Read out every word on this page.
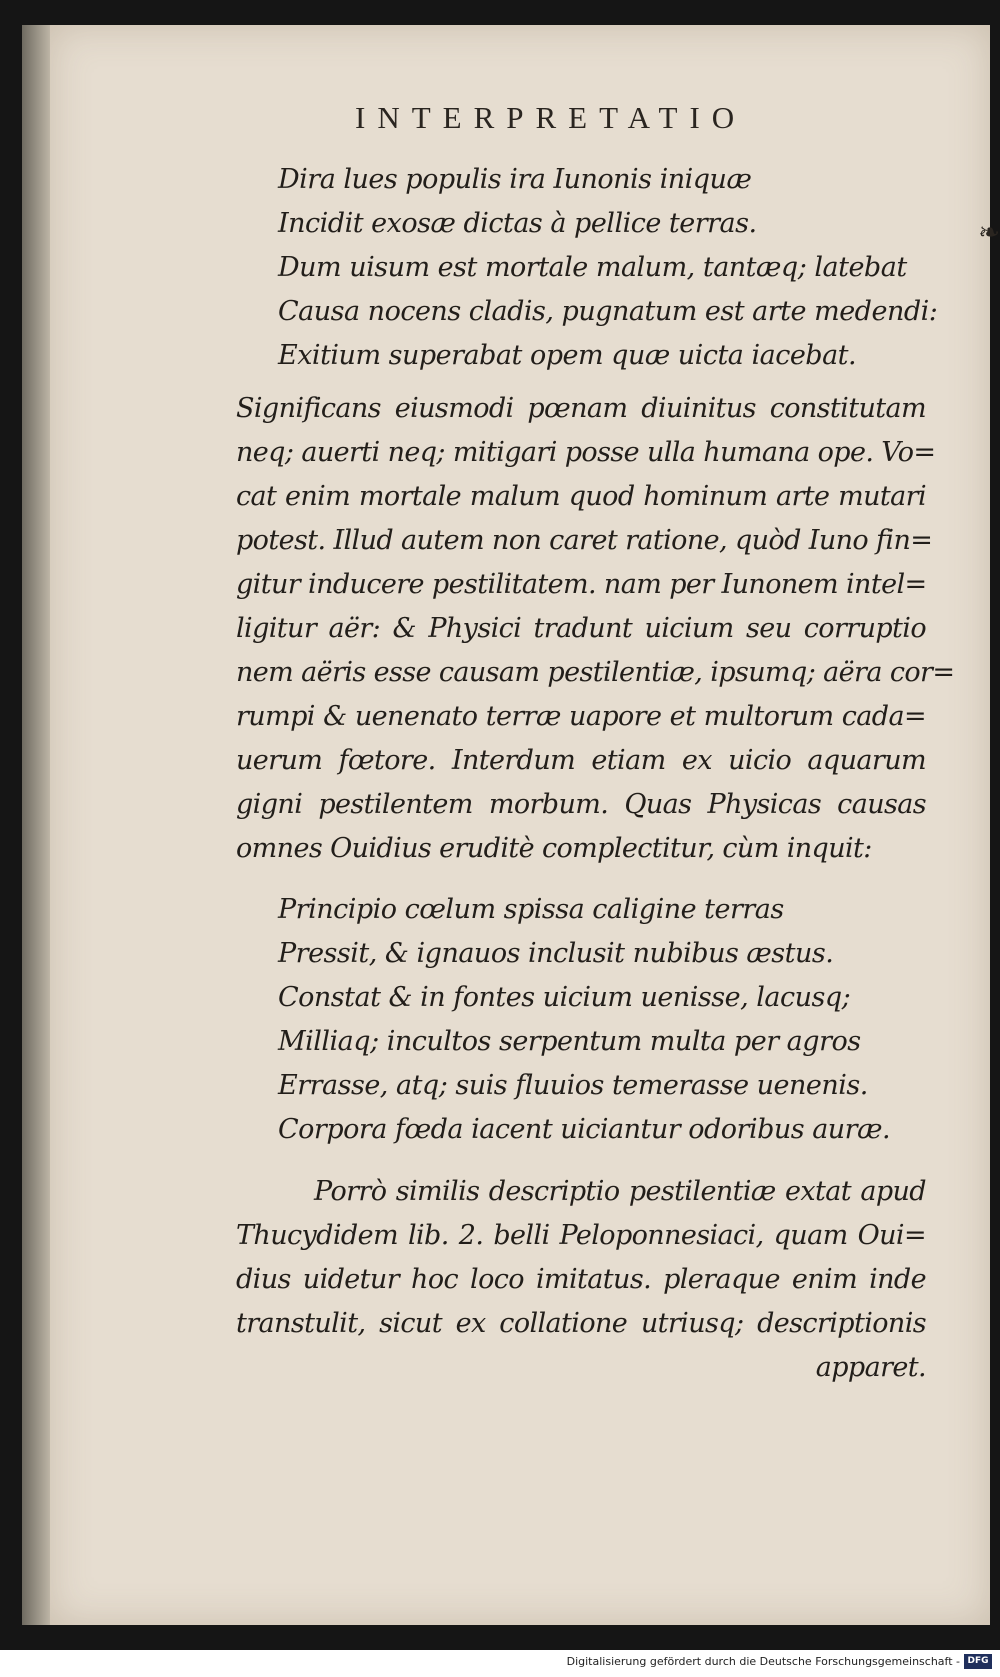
INTERPRETATIO
❧
Dira lues populis ira Iunonis iniquæ
Incidit exosæ dictas à pellice terras.
Dum uisum est mortale malum, tantæq; latebat
Causa nocens cladis, pugnatum est arte medendi:
Exitium superabat opem quæ uicta iacebat.
Significans eiusmodi pœnam diuinitus constitutam
neq; auerti neq; mitigari posse ulla humana ope. Vo=
cat enim mortale malum quod hominum arte mutari
potest. Illud autem non caret ratione, quòd Iuno fin=
gitur inducere pestilitatem. nam per Iunonem intel=
ligitur aër: & Physici tradunt uicium seu corruptio
nem aëris esse causam pestilentiæ, ipsumq; aëra cor=
rumpi & uenenato terræ uapore et multorum cada=
uerum fœtore. Interdum etiam ex uicio aquarum
gigni pestilentem morbum. Quas Physicas causas
omnes Ouidius eruditè complectitur, cùm inquit:
Principio cœlum spissa caligine terras
Pressit, & ignauos inclusit nubibus æstus.
Constat & in fontes uicium uenisse, lacusq;
Milliaq; incultos serpentum multa per agros
Errasse, atq; suis fluuios temerasse uenenis.
Corpora fœda iacent uiciantur odoribus auræ.
Porrò similis descriptio pestilentiæ extat apud
Thucydidem lib. 2. belli Peloponnesiaci, quam Oui=
dius uidetur hoc loco imitatus. pleraque enim inde
transtulit, sicut ex collatione utriusq; descriptionis
apparet.
Digitalisierung gefördert durch die Deutsche Forschungsgemeinschaft - DFG
